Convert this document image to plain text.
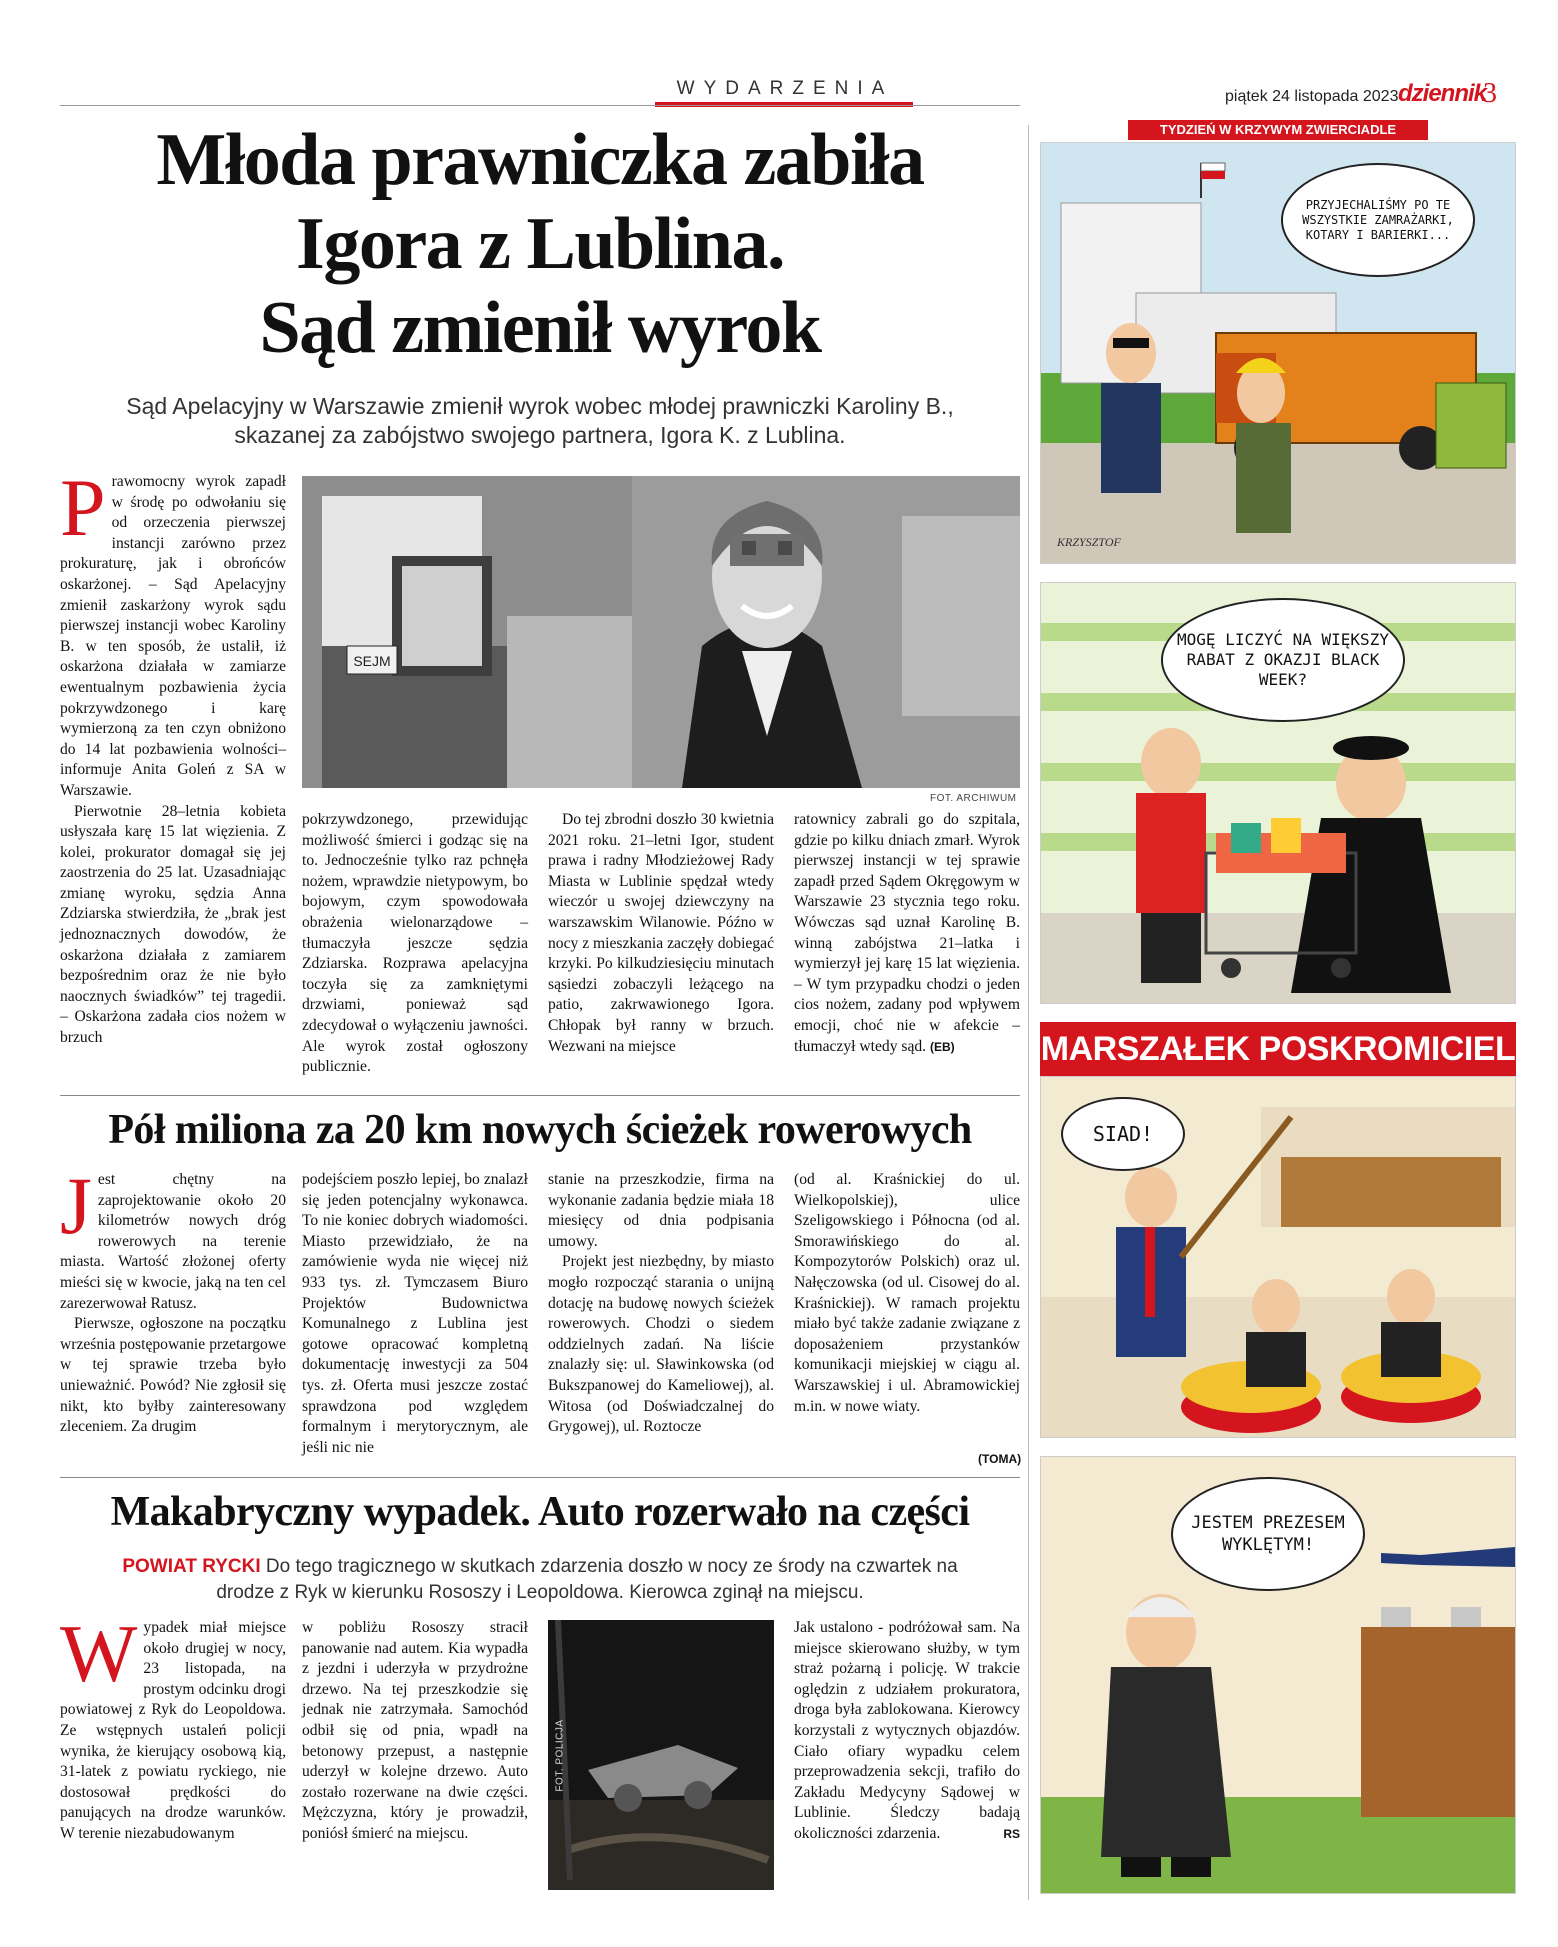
WYDARZENIA	piątek 24 listopada 2023 dziennik
3
Młoda prawniczka zabiła
Igora z Lublina.
Sąd zmienił wyrok
Sąd Apelacyjny w Warszawie zmienił wyrok wobec młodej prawniczki Karoliny B.,
skazanej za zabójstwo swojego partnera, Igora K. z Lublina.
SEJM
FOT. ARCHIWUM

Prawomocny wyrok zapadł w środę po odwołaniu się od orzeczenia pierwszej instancji zarówno przez prokuraturę, jak i obrońców oskarżonej. – Sąd Apelacyjny zmienił zaskarżony wyrok sądu pierwszej instancji wobec Karoliny B. w ten sposób, że ustalił, iż oskarżona działała w zamiarze ewentualnym pozbawienia życia pokrzywdzonego i karę wymierzoną za ten czyn obniżono do 14 lat pozbawienia wolności– informuje Anita Goleń z SA w Warszawie.

Pierwotnie 28–letnia kobieta usłyszała karę 15 lat więzienia. Z kolei, prokurator domagał się jej zaostrzenia do 25 lat. Uzasadniając zmianę wyroku, sędzia Anna Zdziarska stwierdziła, że „brak jest jednoznacznych dowodów, że oskarżona działała z zamiarem bezpośrednim oraz że nie było naocznych świadków” tej tragedii. – Oskarżona zadała cios nożem w brzuch

pokrzywdzonego, przewidując możliwość śmierci i godząc się na to. Jednocześnie tylko raz pchnęła nożem, wprawdzie nietypowym, bo bojowym, czym spowodowała obrażenia wielonarządowe – tłumaczyła jeszcze sędzia Zdziarska. Rozprawa apelacyjna toczyła się za zamkniętymi drzwiami, ponieważ sąd zdecydował o wyłączeniu jawności. Ale wyrok został ogłoszony publicznie.
Do tej zbrodni doszło 30 kwietnia 2021 roku. 21–letni Igor, student prawa i radny Młodzieżowej Rady Miasta w Lublinie spędzał wtedy wieczór u swojej dziewczyny na warszawskim Wilanowie. Późno w nocy z mieszkania zaczęły dobiegać krzyki. Po kilkudziesięciu minutach sąsiedzi zobaczyli leżącego na patio, zakrwawionego Igora. Chłopak był ranny w brzuch. Wezwani na miejsce
ratownicy zabrali go do szpitala, gdzie po kilku dniach zmarł. Wyrok pierwszej instancji w tej sprawie zapadł przed Sądem Okręgowym w Warszawie 23 stycznia tego roku. Wówczas sąd uznał Karolinę B. winną zabójstwa 21–latka i wymierzył jej karę 15 lat więzienia. – W tym przypadku chodzi o jeden cios nożem, zadany pod wpływem emocji, choć nie w afekcie – tłumaczył wtedy sąd. (EB)
Pół miliona za 20 km nowych ścieżek rowerowych

Jest chętny na zaprojektowanie około 20 kilometrów nowych dróg rowerowych na terenie miasta. Wartość złożonej oferty mieści się w kwocie, jaką na ten cel zarezerwował Ratusz.

Pierwsze, ogłoszone na początku września postępowanie przetargowe w tej sprawie trzeba było unieważnić. Powód? Nie zgłosił się nikt, kto byłby zainteresowany zleceniem. Za drugim

podejściem poszło lepiej, bo znalazł się jeden potencjalny wykonawca. To nie koniec dobrych wiadomości. Miasto przewidziało, że na zamówienie wyda nie więcej niż 933 tys. zł. Tymczasem Biuro Projektów Budownictwa Komunalnego z Lublina jest gotowe opracować kompletną dokumentację inwestycji za 504 tys. zł. Oferta musi jeszcze zostać sprawdzona pod względem formalnym i merytorycznym, ale jeśli nic nie

stanie na przeszkodzie, firma na wykonanie zadania będzie miała 18 miesięcy od dnia podpisania umowy.

Projekt jest niezbędny, by miasto mogło rozpocząć starania o unijną dotację na budowę nowych ścieżek rowerowych. Chodzi o siedem oddzielnych zadań. Na liście znalazły się: ul. Sławinkowska (od Bukszpanowej do Kameliowej), al. Witosa (od Doświadczalnej do Grygowej), ul. Roztocze

(od al. Kraśnickiej do ul. Wielkopolskiej), ulice Szeligowskiego i Północna (od al. Smorawińskiego do al. Kompozytorów Polskich) oraz ul. Nałęczowska (od ul. Cisowej do al. Kraśnickiej). W ramach projektu miało być także zadanie związane z doposażeniem przystanków komunikacji miejskiej w ciągu al. Warszawskiej i ul. Abramowickiej m.in. w nowe wiaty.
(TOMA)
Makabryczny wypadek. Auto rozerwało na części
POWIAT RYCKI Do tego tragicznego w skutkach zdarzenia doszło w nocy ze środy na czwartek na
drodze z Ryk w kierunku Rososzy i Leopoldowa. Kierowca zginął na miejscu.

Wypadek miał miejsce około drugiej w nocy, 23 listopada, na prostym odcinku drogi powiatowej z Ryk do Leopoldowa. Ze wstępnych ustaleń policji wynika, że kierujący osobową kią, 31-latek z powiatu ryckiego, nie dostosował prędkości do panujących na drodze warunków. W terenie niezabudowanym

w pobliżu Rososzy stracił panowanie nad autem. Kia wypadła z jezdni i uderzyła w przydrożne drzewo. Na tej przeszkodzie się jednak nie zatrzymała. Samochód odbił się od pnia, wpadł na betonowy przepust, a następnie uderzył w kolejne drzewo. Auto zostało rozerwane na dwie części. Mężczyzna, który je prowadził, poniósł śmierć na miejscu.
FOT. POLICJA
Jak ustalono - podróżował sam. Na miejsce skierowano służby, w tym straż pożarną i policję. W trakcie oględzin z udziałem prokuratora, droga była zablokowana. Kierowcy korzystali z wytycznych objazdów. Ciało ofiary wypadku celem przeprowadzenia sekcji, trafiło do Zakładu Medycyny Sądowej w Lublinie. Śledczy badają okoliczności zdarzenia.	RS
TYDZIEŃ W KRZYWYM ZWIERCIADLE
PRZYJECHALIŚMY PO TE WSZYSTKIE ZAMRAŻARKI, KOTARY I BARIERKI...
KRZYSZTOF
MOGĘ LICZYĆ NA WIĘKSZY RABAT Z OKAZJI BLACK WEEK?
MARSZAŁEK POSKROMICIEL
SIAD!
JESTEM PREZESEM WYKLĘTYM!
